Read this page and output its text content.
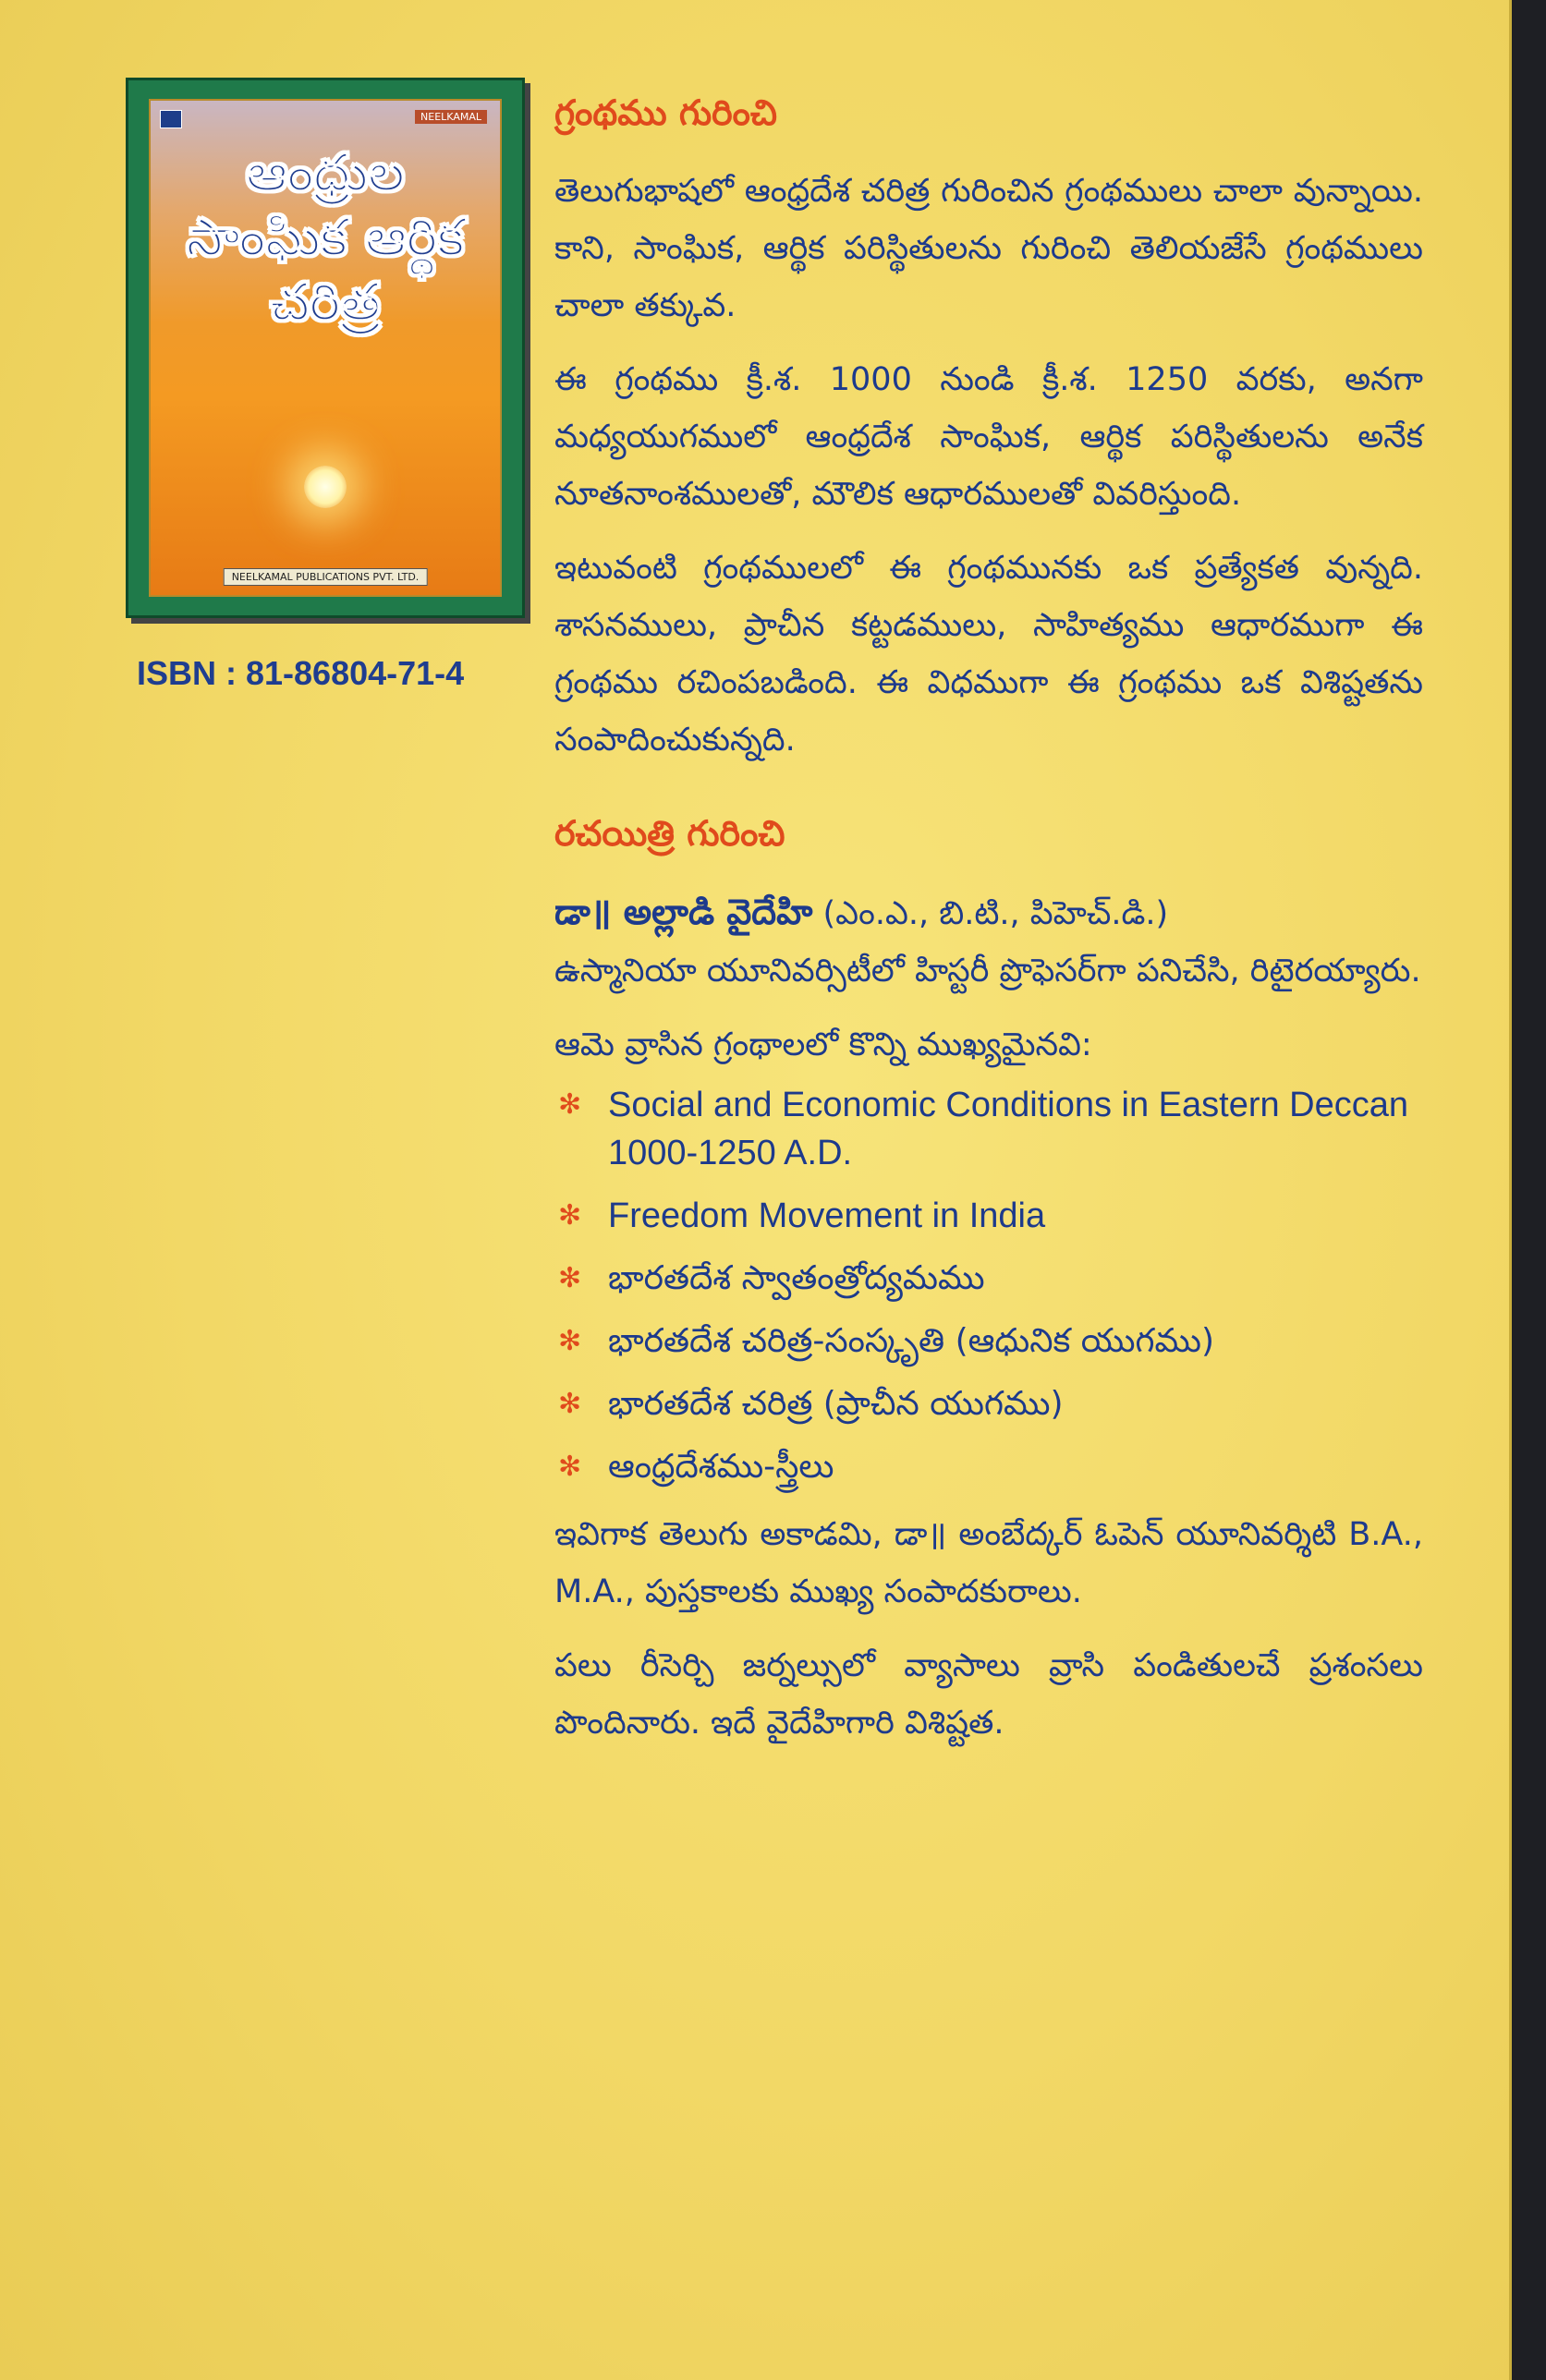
NEELKAMAL
ఆంధ్రుల
సాంఘిక ఆర్థిక
చరిత్ర
NEELKAMAL PUBLICATIONS PVT. LTD.
ISBN : 81-86804-71-4
గ్రంథము గురించి

తెలుగుభాషలో ఆంధ్రదేశ చరిత్ర గురించిన గ్రంథములు చాలా వున్నాయి. కాని, సాంఘిక, ఆర్థిక పరిస్థితులను గురించి తెలియజేసే గ్రంథములు చాలా తక్కువ.

ఈ గ్రంథము క్రీ.శ. 1000 నుండి క్రీ.శ. 1250 వరకు, అనగా మధ్యయుగములో ఆంధ్రదేశ సాంఘిక, ఆర్థిక పరిస్థితులను అనేక నూతనాంశములతో, మౌలిక ఆధారములతో వివరిస్తుంది.

ఇటువంటి గ్రంథములలో ఈ గ్రంథమునకు ఒక ప్రత్యేకత వున్నది. శాసనములు, ప్రాచీన కట్టడములు, సాహిత్యము ఆధారముగా ఈ గ్రంథము రచింపబడింది. ఈ విధముగా ఈ గ్రంథము ఒక విశిష్టతను సంపాదించుకున్నది.

రచయిత్రి గురించి

డా॥ అల్లాడి వైదేహి (ఎం.ఎ., బి.టి., పిహెచ్.డి.)

ఉస్మానియా యూనివర్సిటీలో హిస్టరీ ప్రొఫెసర్‌గా పనిచేసి, రిటైరయ్యారు.

ఆమె వ్రాసిన గ్రంథాలలో కొన్ని ముఖ్యమైనవి:

✻ Social and Economic Conditions in Eastern Deccan 1000-1250 A.D.
✻ Freedom Movement in India
✻ భారతదేశ స్వాతంత్రోద్యమము
✻ భారతదేశ చరిత్ర-సంస్కృతి (ఆధునిక యుగము)
✻ భారతదేశ చరిత్ర (ప్రాచీన యుగము)
✻ ఆంధ్రదేశము-స్త్రీలు

ఇవిగాక తెలుగు అకాడమి, డా॥ అంబేద్కర్ ఓపెన్ యూనివర్శిటి B.A., M.A., పుస్తకాలకు ముఖ్య సంపాదకురాలు.

పలు రీసెర్చి జర్నల్సులో వ్యాసాలు వ్రాసి పండితులచే ప్రశంసలు పొందినారు. ఇదే వైదేహిగారి విశిష్టత.
